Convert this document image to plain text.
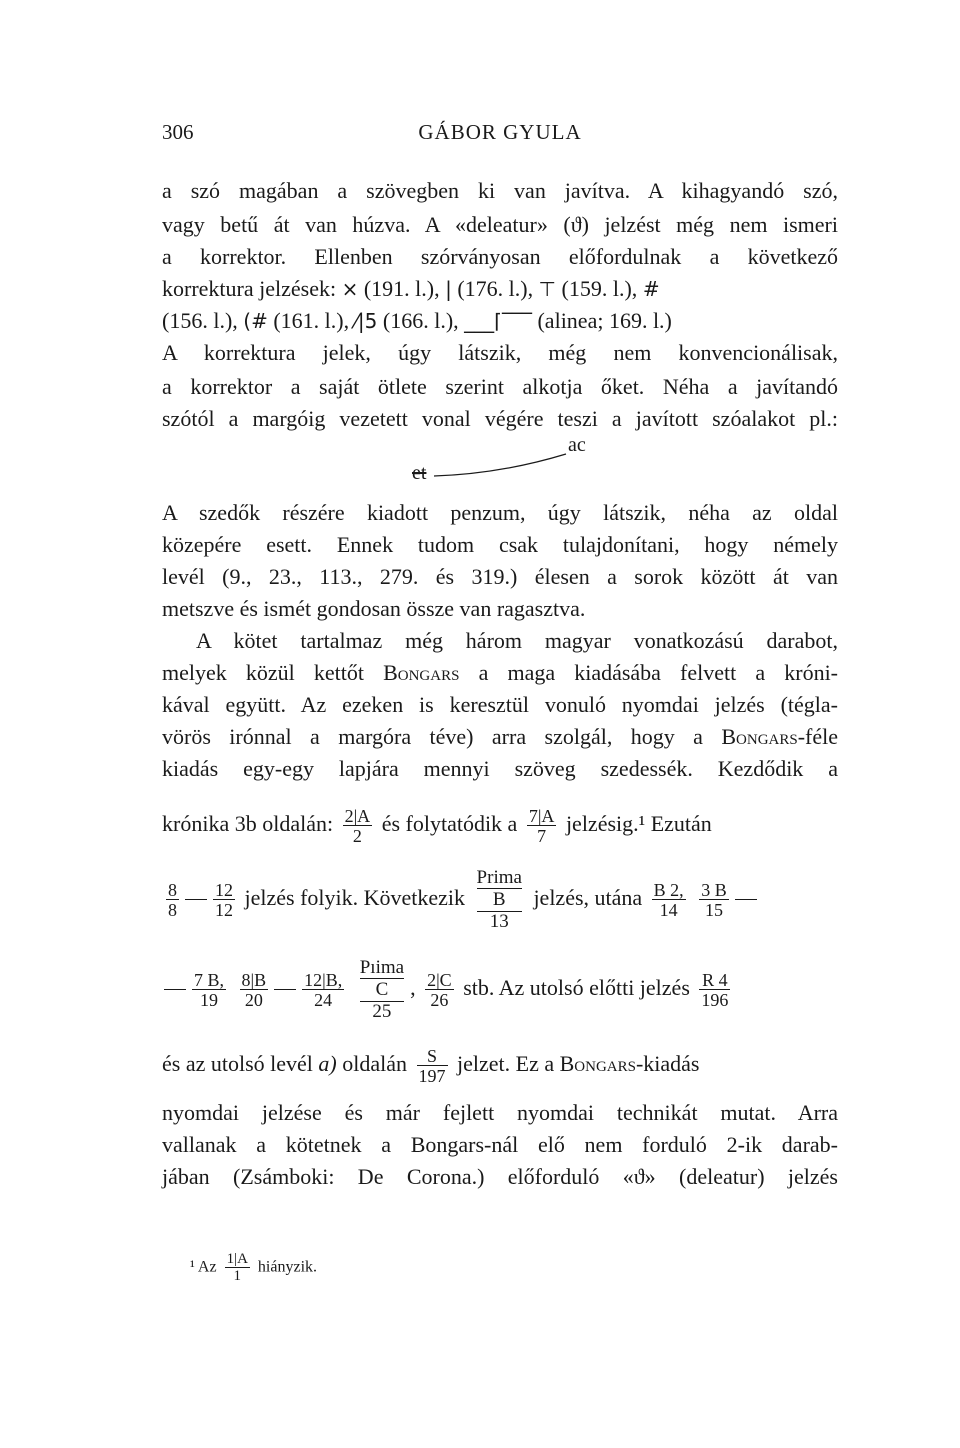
306	GÁBOR GYULA
a szó magában a szövegben ki van javítva. A kihagyandó szó,
vagy betű át van húzva. A «deleatur» (ϑ) jelzést még nem ismeri
a korrektor. Ellenben szórványosan előfordulnak a következő
korrektura jelzések: × (191. l.), | (176. l.), ⊤ (159. l.), #
(156. l.), (# (161. l.), ⁄|5 (166. l.), ___⌈‾‾‾ (alinea; 169. l.)
A korrektura jelek, úgy látszik, még nem konvencionálisak,
a korrektor a saját ötlete szerint alkotja őket. Néha a javítandó
szótól a margóig vezetett vonal végére teszi a javított szóalakot pl.:
et
ac
A szedők részére kiadott penzum, úgy látszik, néha az oldal
közepére esett. Ennek tudom csak tulajdonítani, hogy némely
levél (9., 23., 113., 279. és 319.) élesen a sorok között át van
metszve és ismét gondosan össze van ragasztva.
A kötet tartalmaz még három magyar vonatkozású darabot,
melyek közül kettőt Bongars a maga kiadásába felvett a króni-
kával együtt. Az ezeken is keresztül vonuló nyomdai jelzés (tégla-
vörös irónnal a margóra téve) arra szolgál, hogy a Bongars-féle
kiadás egy-egy lapjára mennyi szöveg szedessék. Kezdődik a
krónika 3b oldalán: $\frac{2|A}{2}$ és folytatódik a $\frac{7|A}{7}$ jelzésig.¹ Ezután
$\frac{8}{8} \frac{12}{12}$ jelzés folyik. Következik
Prima
B
13
jelzés, utána $\frac{B 2,}{14}$
$\frac{3 B}{15}$
$\frac{7 B,}{19}$
$\frac{8|B}{20} \frac{12|B,}{24}$

Pıima
C
25
, $\frac{2|C}{26}$ stb. Az utolsó előtti jelzés $\frac{R 4}{196}$
és az utolsó levél a) oldalán $\frac{S}{197}$ jelzet. Ez a Bongars-kiadás
nyomdai jelzése és már fejlett nyomdai technikát mutat. Arra
vallanak a kötetnek a Bongars-nál elő nem forduló 2-ik darab-
jában (Zsámboki: De Corona.) előforduló «ϑ» (deleatur) jelzés
¹ Az $\frac{1|A}{1}$ hiányzik.
